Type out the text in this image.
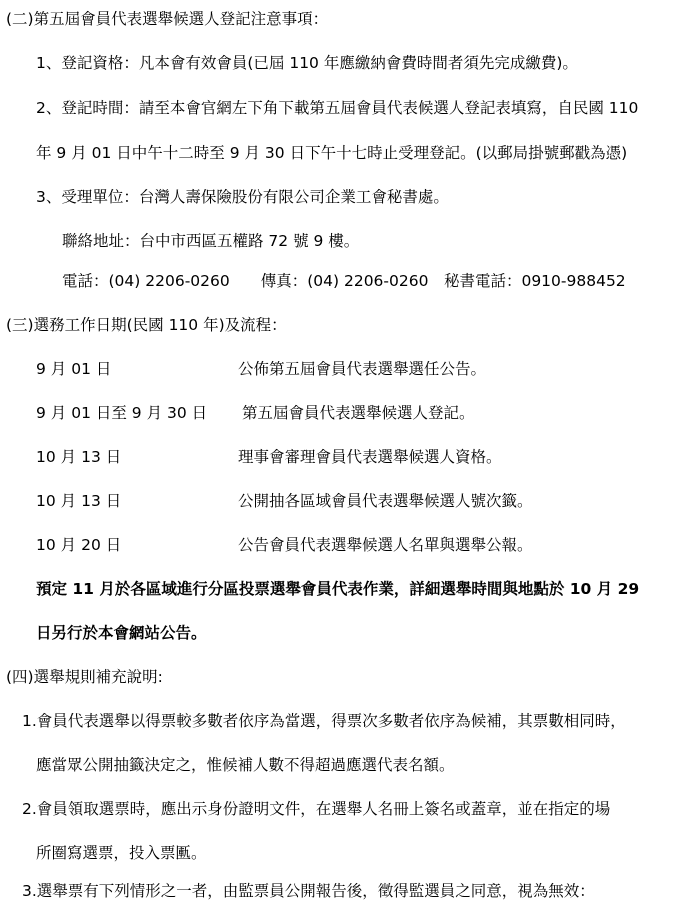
(二)第五屆會員代表選舉候選人登記注意事項：
1、登記資格：凡本會有效會員(已屆 110 年應繳納會費時間者須先完成繳費)。
2、登記時間：請至本會官網左下角下載第五屆會員代表候選人登記表填寫，自民國 110
年 9 月 01 日中午十二時至 9 月 30 日下午十七時止受理登記。(以郵局掛號郵戳為憑)
3、受理單位：台灣人壽保險股份有限公司企業工會秘書處。
聯絡地址：台中市西區五權路 72 號 9 樓。
電話：(04) 2206-0260　　傳真：(04) 2206-0260　秘書電話：0910-988452
(三)選務工作日期(民國 110 年)及流程：
9 月 01 日	公佈第五屆會員代表選舉選任公告。
9 月 01 日至 9 月 30 日 第五屆會員代表選舉候選人登記。
10 月 13 日	理事會審理會員代表選舉候選人資格。
10 月 13 日	公開抽各區域會員代表選舉候選人號次籤。
10 月 20 日	公告會員代表選舉候選人名單與選舉公報。
預定 11 月於各區域進行分區投票選舉會員代表作業，詳細選舉時間與地點於 10 月 29
日另行於本會網站公告。
(四)選舉規則補充說明:
1.會員代表選舉以得票較多數者依序為當選，得票次多數者依序為候補，其票數相同時，
應當眾公開抽籤決定之，惟候補人數不得超過應選代表名額。
2.會員領取選票時，應出示身份證明文件，在選舉人名冊上簽名或蓋章，並在指定的場
所圈寫選票，投入票匭。
3.選舉票有下列情形之一者，由監票員公開報告後，徵得監選員之同意，視為無效：
